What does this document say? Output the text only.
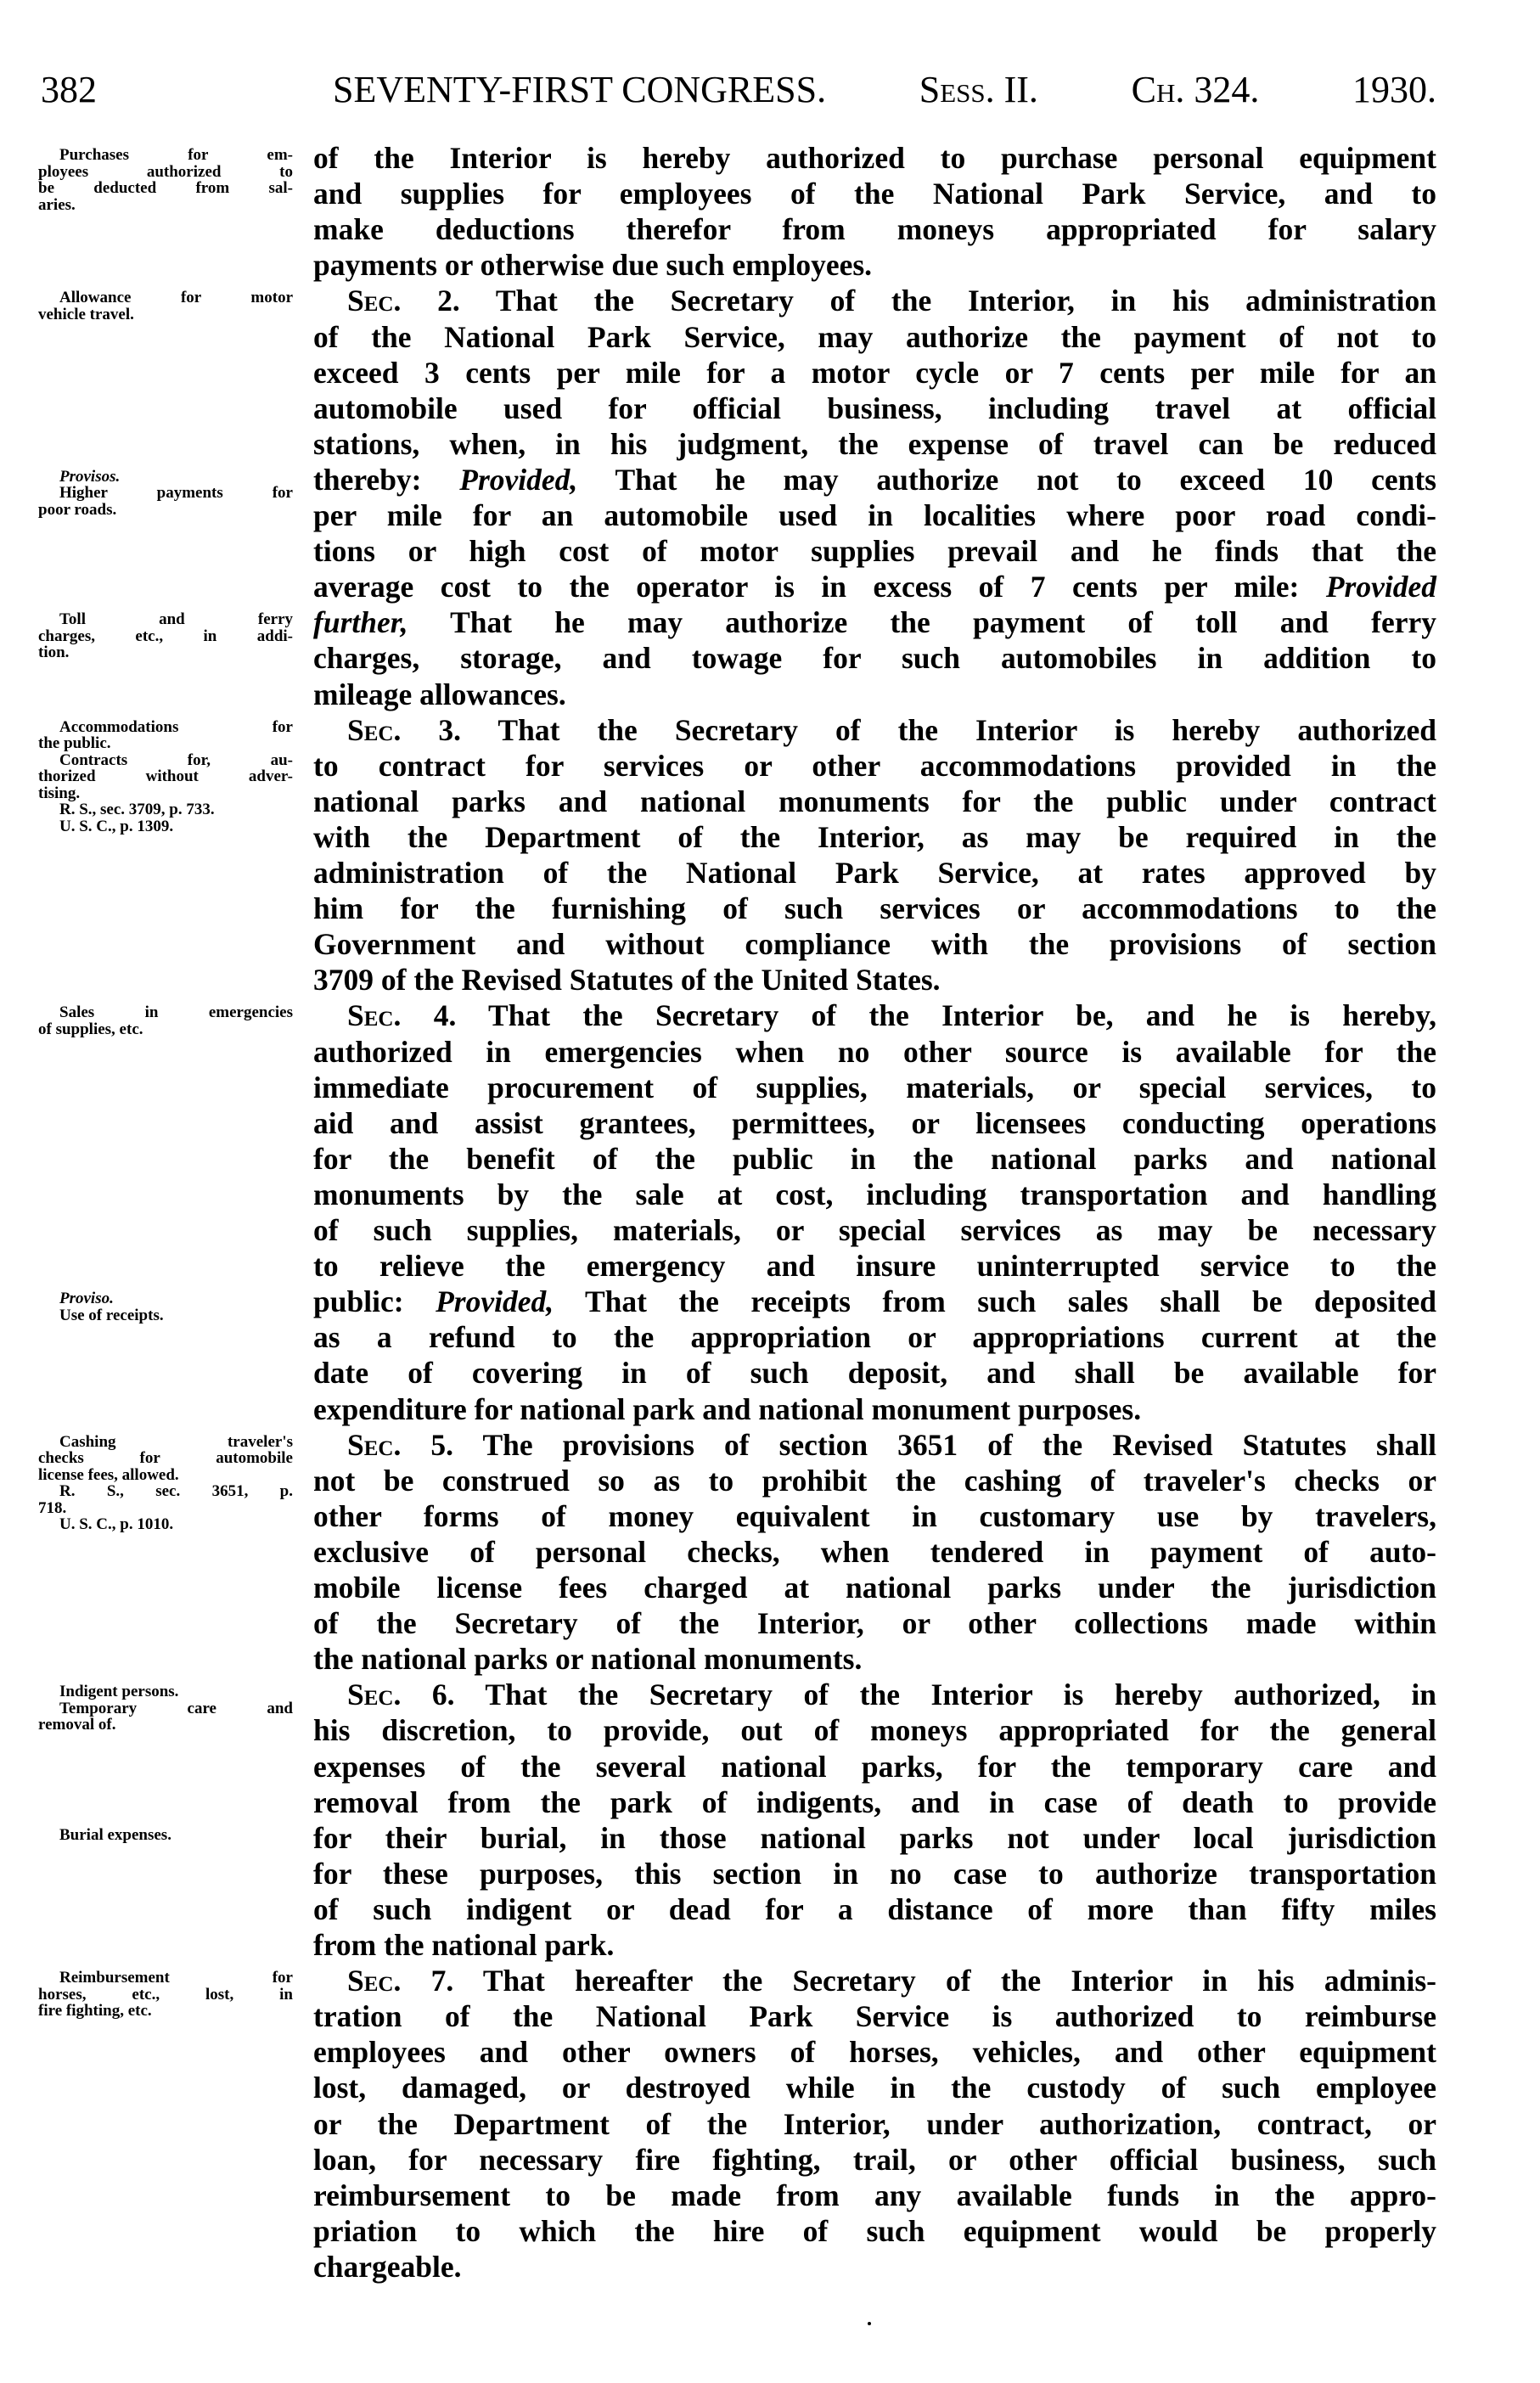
382	SEVENTY-FIRST CONGRESS. Sess. II. Ch. 324. 1930.
of the Interior is hereby authorized to purchase personal equipment
and supplies for employees of the National Park Service, and to
make deductions therefor from moneys appropriated for salary
payments or otherwise due such employees.
Sec. 2. That the Secretary of the Interior, in his administration
of the National Park Service, may authorize the payment of not to
exceed 3 cents per mile for a motor cycle or 7 cents per mile for an
automobile used for official business, including travel at official
stations, when, in his judgment, the expense of travel can be reduced
thereby: Provided, That he may authorize not to exceed 10 cents
per mile for an automobile used in localities where poor road condi-
tions or high cost of motor supplies prevail and he finds that the
average cost to the operator is in excess of 7 cents per mile: Provided
further, That he may authorize the payment of toll and ferry
charges, storage, and towage for such automobiles in addition to
mileage allowances.
Sec. 3. That the Secretary of the Interior is hereby authorized
to contract for services or other accommodations provided in the
national parks and national monuments for the public under contract
with the Department of the Interior, as may be required in the
administration of the National Park Service, at rates approved by
him for the furnishing of such services or accommodations to the
Government and without compliance with the provisions of section
3709 of the Revised Statutes of the United States.
Sec. 4. That the Secretary of the Interior be, and he is hereby,
authorized in emergencies when no other source is available for the
immediate procurement of supplies, materials, or special services, to
aid and assist grantees, permittees, or licensees conducting operations
for the benefit of the public in the national parks and national
monuments by the sale at cost, including transportation and handling
of such supplies, materials, or special services as may be necessary
to relieve the emergency and insure uninterrupted service to the
public: Provided, That the receipts from such sales shall be deposited
as a refund to the appropriation or appropriations current at the
date of covering in of such deposit, and shall be available for
expenditure for national park and national monument purposes.
Sec. 5. The provisions of section 3651 of the Revised Statutes shall
not be construed so as to prohibit the cashing of traveler's checks or
other forms of money equivalent in customary use by travelers,
exclusive of personal checks, when tendered in payment of auto-
mobile license fees charged at national parks under the jurisdiction
of the Secretary of the Interior, or other collections made within
the national parks or national monuments.
Sec. 6. That the Secretary of the Interior is hereby authorized, in
his discretion, to provide, out of moneys appropriated for the general
expenses of the several national parks, for the temporary care and
removal from the park of indigents, and in case of death to provide
for their burial, in those national parks not under local jurisdiction
for these purposes, this section in no case to authorize transportation
of such indigent or dead for a distance of more than fifty miles
from the national park.
Sec. 7. That hereafter the Secretary of the Interior in his adminis-
tration of the National Park Service is authorized to reimburse
employees and other owners of horses, vehicles, and other equipment
lost, damaged, or destroyed while in the custody of such employee
or the Department of the Interior, under authorization, contract, or
loan, for necessary fire fighting, trail, or other official business, such
reimbursement to be made from any available funds in the appro-
priation to which the hire of such equipment would be properly
chargeable.
Purchases for em-
ployees authorized to
be deducted from sal-
aries.
Allowance for motor
vehicle travel.
Provisos.
Higher payments for
poor roads.
Toll and ferry
charges, etc., in addi-
tion.
Accommodations for
the public.
Contracts for, au-
thorized without adver-
tising.
R. S., sec. 3709, p. 733.
U. S. C., p. 1309.
Sales in emergencies
of supplies, etc.
Proviso.
Use of receipts.
Cashing traveler's
checks for automobile
license fees, allowed.
R. S., sec. 3651, p.
718.
U. S. C., p. 1010.
Indigent persons.
Temporary care and
removal of.
Burial expenses.
Reimbursement for
horses, etc., lost, in
fire fighting, etc.
